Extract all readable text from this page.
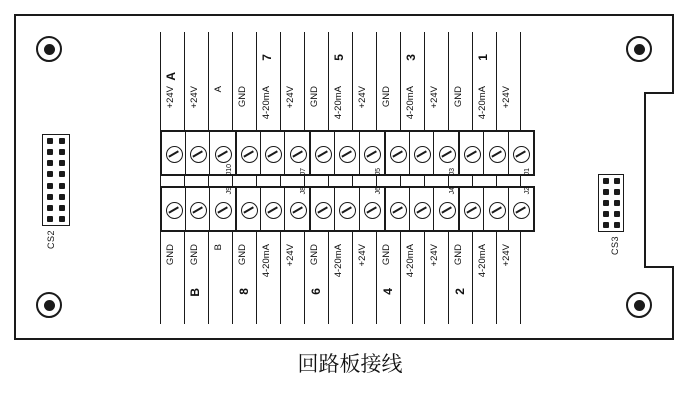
CS2	CS3
A
7	5	3	1
+24V +24V A GND 4-20mA +24V GND 4-20mA +24V GND 4-20mA +24V GND 4-20mA +24V
J10	J7	J5	J3	J1
J9	J8	J6	J4	J2
GND GND B GND 4-20mA +24V GND 4-20mA +24V GND 4-20mA +24V GND 4-20mA +24V
B	8	6	4	2
回路板接线
